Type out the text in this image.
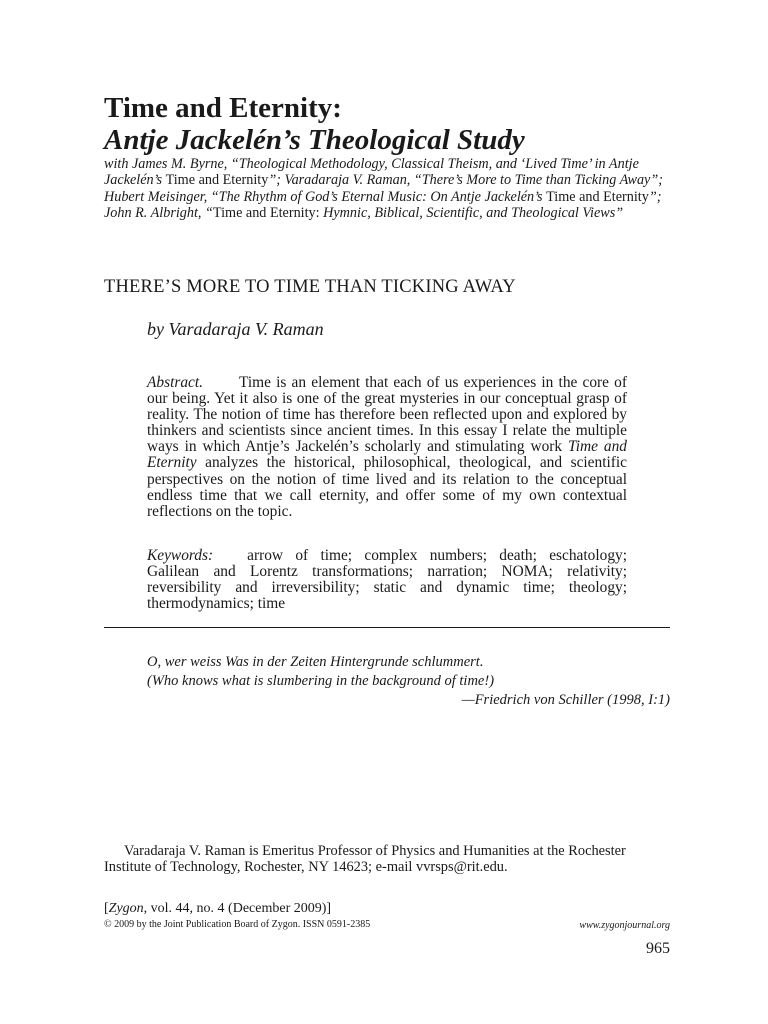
Time and Eternity:
Antje Jackelén’s Theological Study
with James M. Byrne, “Theological Methodology, Classical Theism, and ‘Lived Time’ in Antje Jackelén’s Time and Eternity”; Varadaraja V. Raman, “There’s More to Time than Ticking Away”; Hubert Meisinger, “The Rhythm of God’s Eternal Music: On Antje Jackelén’s Time and Eternity”; John R. Albright, “Time and Eternity: Hymnic, Biblical, Scientific, and Theological Views”
THERE’S MORE TO TIME THAN TICKING AWAY
by Varadaraja V. Raman
Abstract. Time is an element that each of us experiences in the core of our being. Yet it also is one of the great mysteries in our conceptual grasp of reality. The notion of time has therefore been reflected upon and explored by thinkers and scientists since ancient times. In this essay I relate the multiple ways in which Antje’s Jackelén’s scholarly and stimulating work Time and Eternity analyzes the historical, philosophical, theological, and scientific perspectives on the notion of time lived and its relation to the conceptual endless time that we call eternity, and offer some of my own contextual reflections on the topic.
Keywords: arrow of time; complex numbers; death; eschatology; Galilean and Lorentz transformations; narration; NOMA; relativity; reversibility and irreversibility; static and dynamic time; theology; thermodynamics; time
O, wer weiss Was in der Zeiten Hintergrunde schlummert.
(Who knows what is slumbering in the background of time!)
—Friedrich von Schiller (1998, I:1)
Varadaraja V. Raman is Emeritus Professor of Physics and Humanities at the Rochester Institute of Technology, Rochester, NY 14623; e-mail vvrsps@rit.edu.
[Zygon, vol. 44, no. 4 (December 2009)]
© 2009 by the Joint Publication Board of Zygon. ISSN 0591-2385	www.zygonjournal.org
965
